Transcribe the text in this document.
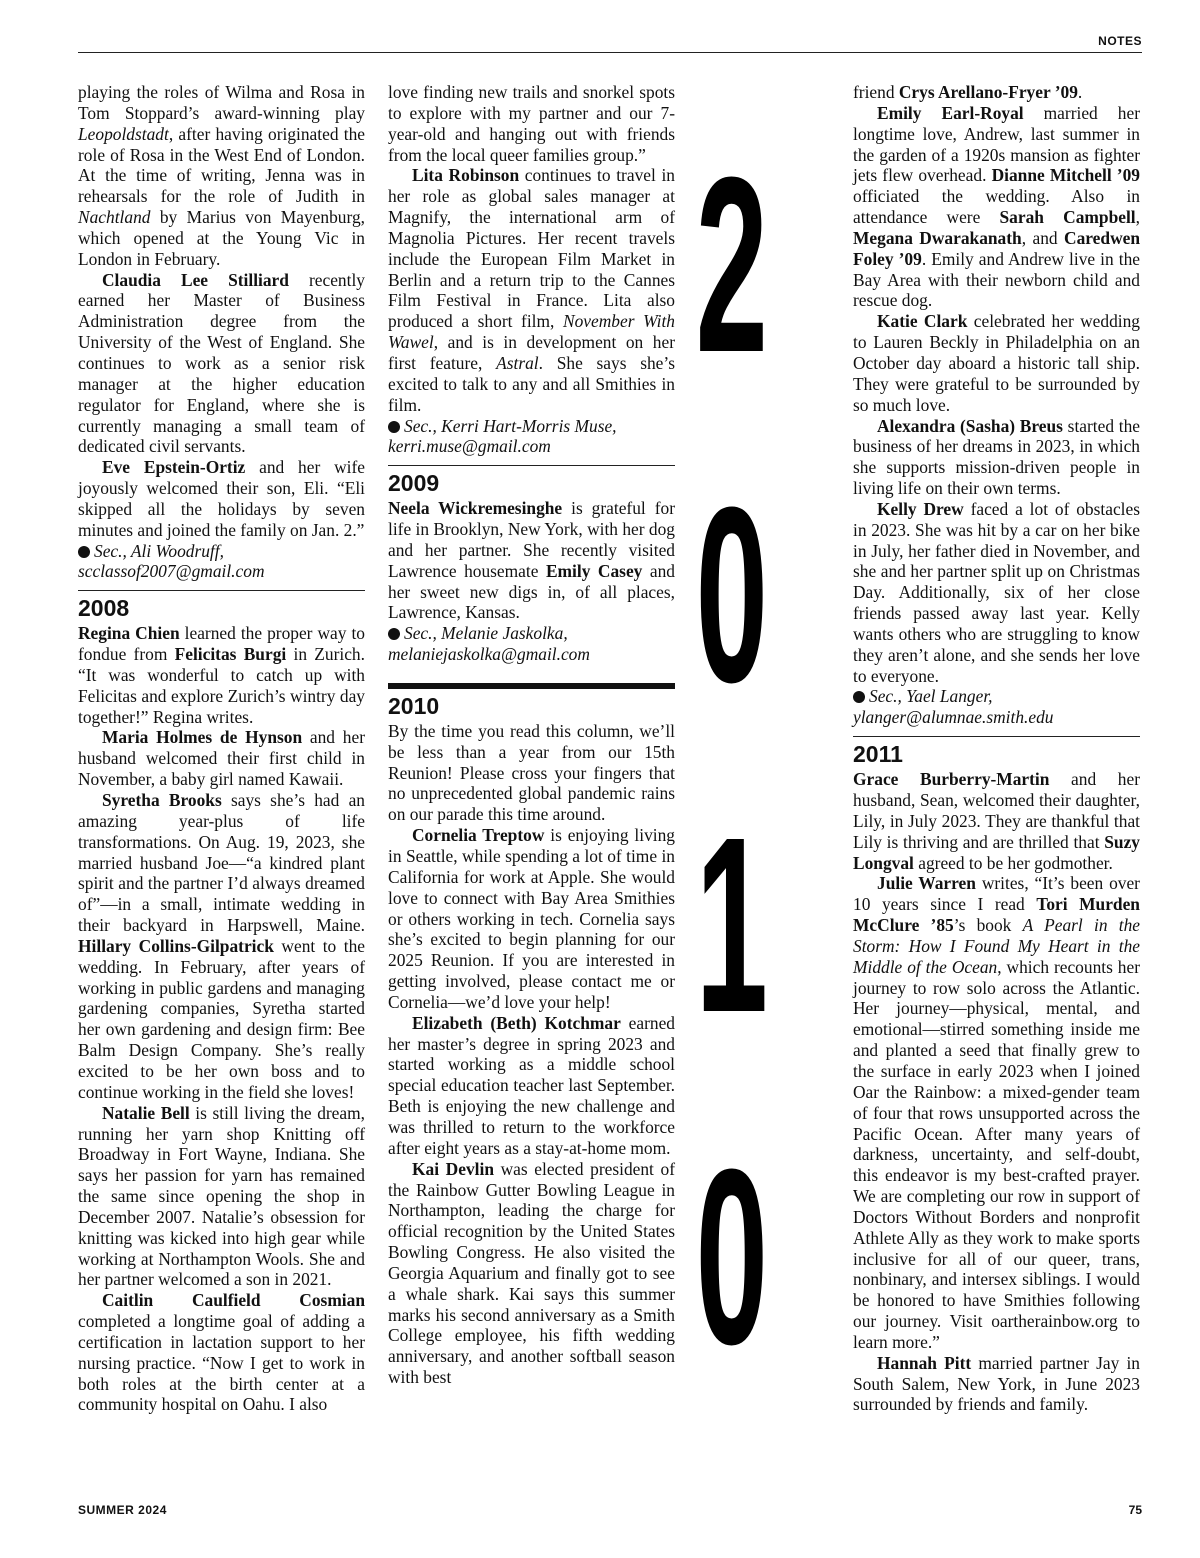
NOTES

playing the roles of Wilma and Rosa in Tom Stoppard’s award-winning play Leopoldstadt, after having originated the role of Rosa in the West End of London. At the time of writing, Jenna was in rehearsals for the role of Judith in Nachtland by Marius von Mayenburg, which opened at the Young Vic in London in February.

Claudia Lee Stilliard recently earned her Master of Business Administration degree from the University of the West of England. She continues to work as a senior risk manager at the higher education regulator for England, where she is currently managing a small team of dedicated civil servants.

Eve Epstein-Ortiz and her wife joyously welcomed their son, Eli. “Eli skipped all the holidays by seven minutes and joined the family on Jan. 2.”

Sec., Ali Woodruff,

scclassof2007@gmail.com

2008

Regina Chien learned the proper way to fondue from Felicitas Burgi in Zurich. “It was wonderful to catch up with Felicitas and explore Zurich’s wintry day together!” Regina writes.

Maria Holmes de Hynson and her husband welcomed their first child in November, a baby girl named Kawaii.

Syretha Brooks says she’s had an amazing year-plus of life transformations. On Aug. 19, 2023, she married husband Joe—“a kindred plant spirit and the partner I’d always dreamed of”—in a small, intimate wedding in their backyard in Harpswell, Maine. Hillary Collins-Gilpatrick went to the wedding. In February, after years of working in public gardens and managing gardening companies, Syretha started her own gardening and design firm: Bee Balm Design Company. She’s really excited to be her own boss and to continue working in the field she loves!

Natalie Bell is still living the dream, running her yarn shop Knitting off Broadway in Fort Wayne, Indiana. She says her passion for yarn has remained the same since opening the shop in December 2007. Natalie’s obsession for knitting was kicked into high gear while working at Northampton Wools. She and her partner welcomed a son in 2021.

Caitlin Caulfield Cosmian completed a longtime goal of adding a certification in lactation support to her nursing practice. “Now I get to work in both roles at the birth center at a community hospital on Oahu. I also

love finding new trails and snorkel spots to explore with my partner and our 7-year-old and hanging out with friends from the local queer families group.”

Lita Robinson continues to travel in her role as global sales manager at Magnify, the international arm of Magnolia Pictures. Her recent travels include the European Film Market in Berlin and a return trip to the Cannes Film Festival in France. Lita also produced a short film, November With Wawel, and is in development on her first feature, Astral. She says she’s excited to talk to any and all Smithies in film.

Sec., Kerri Hart-Morris Muse,

kerri.muse@gmail.com

2009

Neela Wickremesinghe is grateful for life in Brooklyn, New York, with her dog and her partner. She recently visited Lawrence housemate Emily Casey and her sweet new digs in, of all places, Lawrence, Kansas.

Sec., Melanie Jaskolka,

melaniejaskolka@gmail.com

2010

By the time you read this column, we’ll be less than a year from our 15th Reunion! Please cross your fingers that no unprecedented global pandemic rains on our parade this time around.

Cornelia Treptow is enjoying living in Seattle, while spending a lot of time in California for work at Apple. She would love to connect with Bay Area Smithies or others working in tech. Cornelia says she’s excited to begin planning for our 2025 Reunion. If you are interested in getting involved, please contact me or Cornelia—we’d love your help!

Elizabeth (Beth) Kotchmar earned her master’s degree in spring 2023 and started working as a middle school special education teacher last September. Beth is enjoying the new challenge and was thrilled to return to the workforce after eight years as a stay-at-home mom.

Kai Devlin was elected president of the Rainbow Gutter Bowling League in Northampton, leading the charge for official recognition by the United States Bowling Congress. He also visited the Georgia Aquarium and finally got to see a whale shark. Kai says this summer marks his second anniversary as a Smith College employee, his fifth wedding anniversary, and another softball season with best

2
0
1
0

friend Crys Arellano-Fryer ’09.

Emily Earl-Royal married her longtime love, Andrew, last summer in the garden of a 1920s mansion as fighter jets flew overhead. Dianne Mitchell ’09 officiated the wedding. Also in attendance were Sarah Campbell, Megana Dwarakanath, and Caredwen Foley ’09. Emily and Andrew live in the Bay Area with their newborn child and rescue dog.

Katie Clark celebrated her wedding to Lauren Beckly in Philadelphia on an October day aboard a historic tall ship. They were grateful to be surrounded by so much love.

Alexandra (Sasha) Breus started the business of her dreams in 2023, in which she supports mission-driven people in living life on their own terms.

Kelly Drew faced a lot of obstacles in 2023. She was hit by a car on her bike in July, her father died in November, and she and her partner split up on Christmas Day. Additionally, six of her close friends passed away last year. Kelly wants others who are struggling to know they aren’t alone, and she sends her love to everyone.

Sec., Yael Langer,

ylanger@alumnae.smith.edu

2011

Grace Burberry-Martin and her husband, Sean, welcomed their daughter, Lily, in July 2023. They are thankful that Lily is thriving and are thrilled that Suzy Longval agreed to be her godmother.

Julie Warren writes, “It’s been over 10 years since I read Tori Murden McClure ’85’s book A Pearl in the Storm: How I Found My Heart in the Middle of the Ocean, which recounts her journey to row solo across the Atlantic. Her journey—physical, mental, and emotional—stirred something inside me and planted a seed that finally grew to the surface in early 2023 when I joined Oar the Rainbow: a mixed-gender team of four that rows unsupported across the Pacific Ocean. After many years of darkness, uncertainty, and self-doubt, this endeavor is my best-crafted prayer. We are completing our row in support of Doctors Without Borders and nonprofit Athlete Ally as they work to make sports inclusive for all of our queer, trans, nonbinary, and intersex siblings. I would be honored to have Smithies following our journey. Visit oartherainbow.org to learn more.”

Hannah Pitt married partner Jay in South Salem, New York, in June 2023 surrounded by friends and family.

SUMMER 2024	75
